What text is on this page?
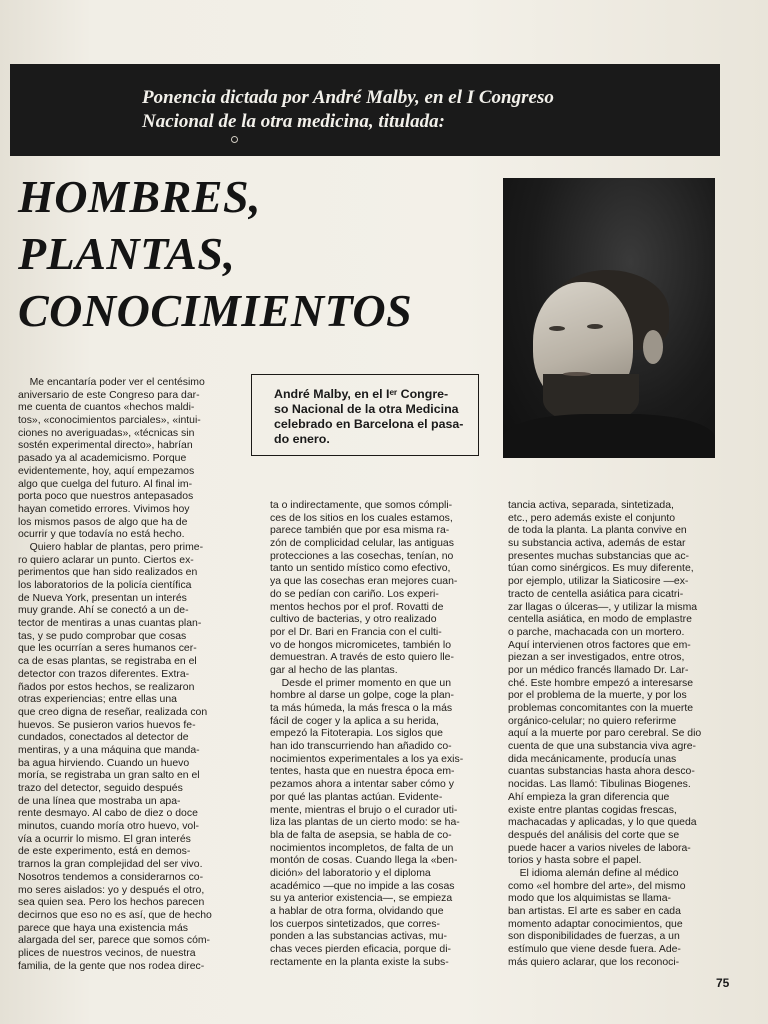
Ponencia dictada por André Malby, en el I Congreso
Nacional de la otra medicina, titulada:
HOMBRES,
PLANTAS,
CONOCIMIENTOS
André Malby, en el Iᵉʳ Congre-
so Nacional de la otra Medicina
celebrado en Barcelona el pasa-
do enero.
Me encantaría poder ver el centésimo
aniversario de este Congreso para dar-
me cuenta de cuantos «hechos maldi-
tos», «conocimientos parciales», «intui-
ciones no averiguadas», «técnicas sin
sostén experimental directo», habrían
pasado ya al academicismo. Porque
evidentemente, hoy, aquí empezamos
algo que cuelga del futuro. Al final im-
porta poco que nuestros antepasados
hayan cometido errores. Vivimos hoy
los mismos pasos de algo que ha de
ocurrir y que todavía no está hecho.
Quiero hablar de plantas, pero prime-
ro quiero aclarar un punto. Ciertos ex-
perimentos que han sido realizados en
los laboratorios de la policía científica
de Nueva York, presentan un interés
muy grande. Ahí se conectó a un de-
tector de mentiras a unas cuantas plan-
tas, y se pudo comprobar que cosas
que les ocurrían a seres humanos cer-
ca de esas plantas, se registraba en el
detector con trazos diferentes. Extra-
ñados por estos hechos, se realizaron
otras experiencias; entre ellas una
que creo digna de reseñar, realizada con
huevos. Se pusieron varios huevos fe-
cundados, conectados al detector de
mentiras, y a una máquina que manda-
ba agua hirviendo. Cuando un huevo
moría, se registraba un gran salto en el
trazo del detector, seguido después
de una línea que mostraba un apa-
rente desmayo. Al cabo de diez o doce
minutos, cuando moría otro huevo, vol-
vía a ocurrir lo mismo. El gran interés
de este experimento, está en demos-
trarnos la gran complejidad del ser vivo.
Nosotros tendemos a considerarnos co-
mo seres aislados: yo y después el otro,
sea quien sea. Pero los hechos parecen
decirnos que eso no es así, que de hecho
parece que haya una existencia más
alargada del ser, parece que somos cóm-
plices de nuestros vecinos, de nuestra
familia, de la gente que nos rodea direc-
ta o indirectamente, que somos cómpli-
ces de los sitios en los cuales estamos,
parece también que por esa misma ra-
zón de complicidad celular, las antiguas
protecciones a las cosechas, tenían, no
tanto un sentido místico como efectivo,
ya que las cosechas eran mejores cuan-
do se pedían con cariño. Los experi-
mentos hechos por el prof. Rovatti de
cultivo de bacterias, y otro realizado
por el Dr. Bari en Francia con el culti-
vo de hongos micromicetes, también lo
demuestran. A través de esto quiero lle-
gar al hecho de las plantas.
Desde el primer momento en que un
hombre al darse un golpe, coge la plan-
ta más húmeda, la más fresca o la más
fácil de coger y la aplica a su herida,
empezó la Fitoterapia. Los siglos que
han ido transcurriendo han añadido co-
nocimientos experimentales a los ya exis-
tentes, hasta que en nuestra época em-
pezamos ahora a intentar saber cómo y
por qué las plantas actúan. Evidente-
mente, mientras el brujo o el curador uti-
liza las plantas de un cierto modo: se ha-
bla de falta de asepsia, se habla de co-
nocimientos incompletos, de falta de un
montón de cosas. Cuando llega la «ben-
dición» del laboratorio y el diploma
académico —que no impide a las cosas
su ya anterior existencia—, se empieza
a hablar de otra forma, olvidando que
los cuerpos sintetizados, que corres-
ponden a las substancias activas, mu-
chas veces pierden eficacia, porque di-
rectamente en la planta existe la subs-
tancia activa, separada, sintetizada,
etc., pero además existe el conjunto
de toda la planta. La planta convive en
su substancia activa, además de estar
presentes muchas substancias que ac-
túan como sinérgicos. Es muy diferente,
por ejemplo, utilizar la Siaticosire —ex-
tracto de centella asiática para cicatri-
zar llagas o úlceras—, y utilizar la misma
centella asiática, en modo de emplastre
o parche, machacada con un mortero.
Aquí intervienen otros factores que em-
piezan a ser investigados, entre otros,
por un médico francés llamado Dr. Lar-
ché. Este hombre empezó a interesarse
por el problema de la muerte, y por los
problemas concomitantes con la muerte
orgánico-celular; no quiero referirme
aquí a la muerte por paro cerebral. Se dio
cuenta de que una substancia viva agre-
dida mecánicamente, producía unas
cuantas substancias hasta ahora desco-
nocidas. Las llamó: Tibulinas Biogenes.
Ahí empieza la gran diferencia que
existe entre plantas cogidas frescas,
machacadas y aplicadas, y lo que queda
después del análisis del corte que se
puede hacer a varios niveles de labora-
torios y hasta sobre el papel.
El idioma alemán define al médico
como «el hombre del arte», del mismo
modo que los alquimistas se llama-
ban artistas. El arte es saber en cada
momento adaptar conocimientos, que
son disponibilidades de fuerzas, a un
estímulo que viene desde fuera. Ade-
más quiero aclarar, que los reconoci-
75
